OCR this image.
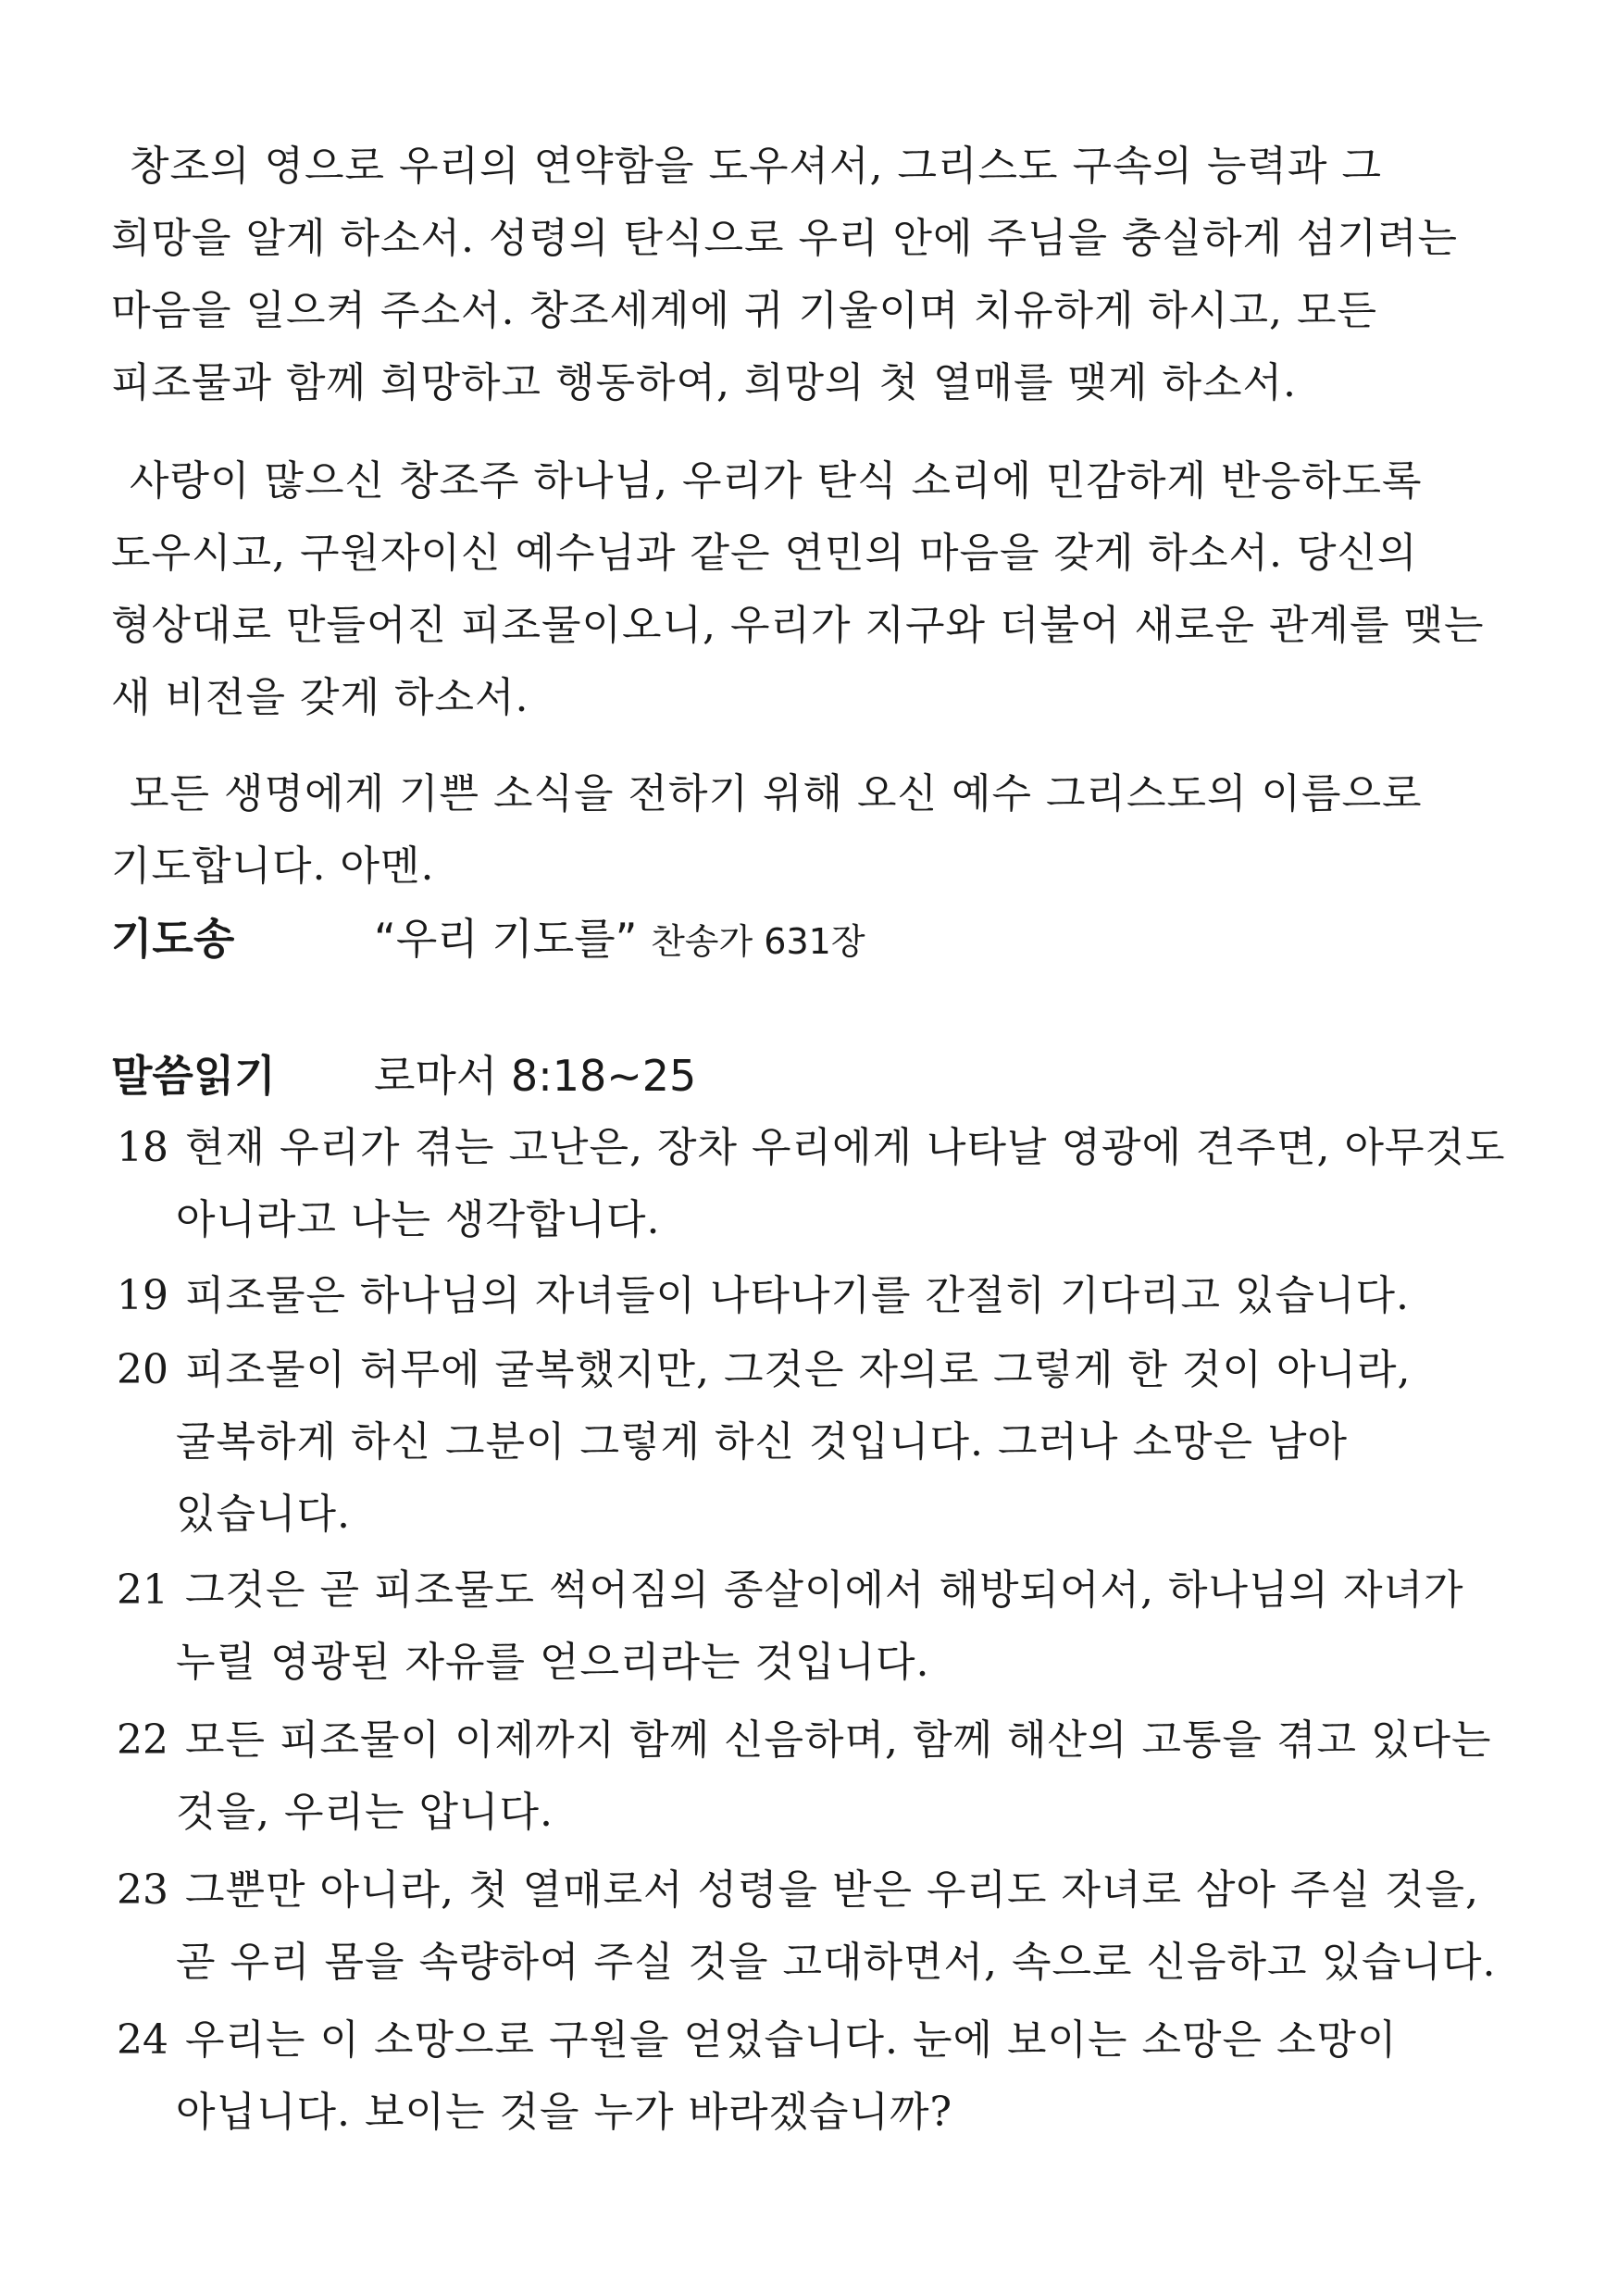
창조의 영으로 우리의 연약함을 도우셔서, 그리스도 구속의 능력과 그
희망을 알게 하소서. 성령의 탄식으로 우리 안에 주님을 충실하게 섬기려는
마음을 일으켜 주소서. 창조세계에 귀 기울이며 치유하게 하시고, 모든
피조물과 함께 희망하고 행동하여, 희망의 첫 열매를 맺게 하소서.
사랑이 많으신 창조주 하나님, 우리가 탄식 소리에 민감하게 반응하도록
도우시고, 구원자이신 예수님과 같은 연민의 마음을 갖게 하소서. 당신의
형상대로 만들어진 피조물이오니, 우리가 지구와 더불어 새로운 관계를 맺는
새 비전을 갖게 하소서.
모든 생명에게 기쁜 소식을 전하기 위해 오신 예수 그리스도의 이름으로
기도합니다. 아멘.
기도송	“우리 기도를” 찬송가 631장
말씀읽기 로마서 8:18~25
18 현재 우리가 겪는 고난은, 장차 우리에게 나타날 영광에 견주면, 아무것도
아니라고 나는 생각합니다.
19 피조물은 하나님의 자녀들이 나타나기를 간절히 기다리고 있습니다.
20 피조물이 허무에 굴복했지만, 그것은 자의로 그렇게 한 것이 아니라,
굴복하게 하신 그분이 그렇게 하신 것입니다. 그러나 소망은 남아
있습니다.
21 그것은 곧 피조물도 썩어짐의 종살이에서 해방되어서, 하나님의 자녀가
누릴 영광된 자유를 얻으리라는 것입니다.
22 모든 피조물이 이제까지 함께 신음하며, 함께 해산의 고통을 겪고 있다는
것을, 우리는 압니다.
23 그뿐만 아니라, 첫 열매로서 성령을 받은 우리도 자녀로 삼아 주실 것을,
곧 우리 몸을 속량하여 주실 것을 고대하면서, 속으로 신음하고 있습니다.
24 우리는 이 소망으로 구원을 얻었습니다. 눈에 보이는 소망은 소망이
아닙니다. 보이는 것을 누가 바라겠습니까?
